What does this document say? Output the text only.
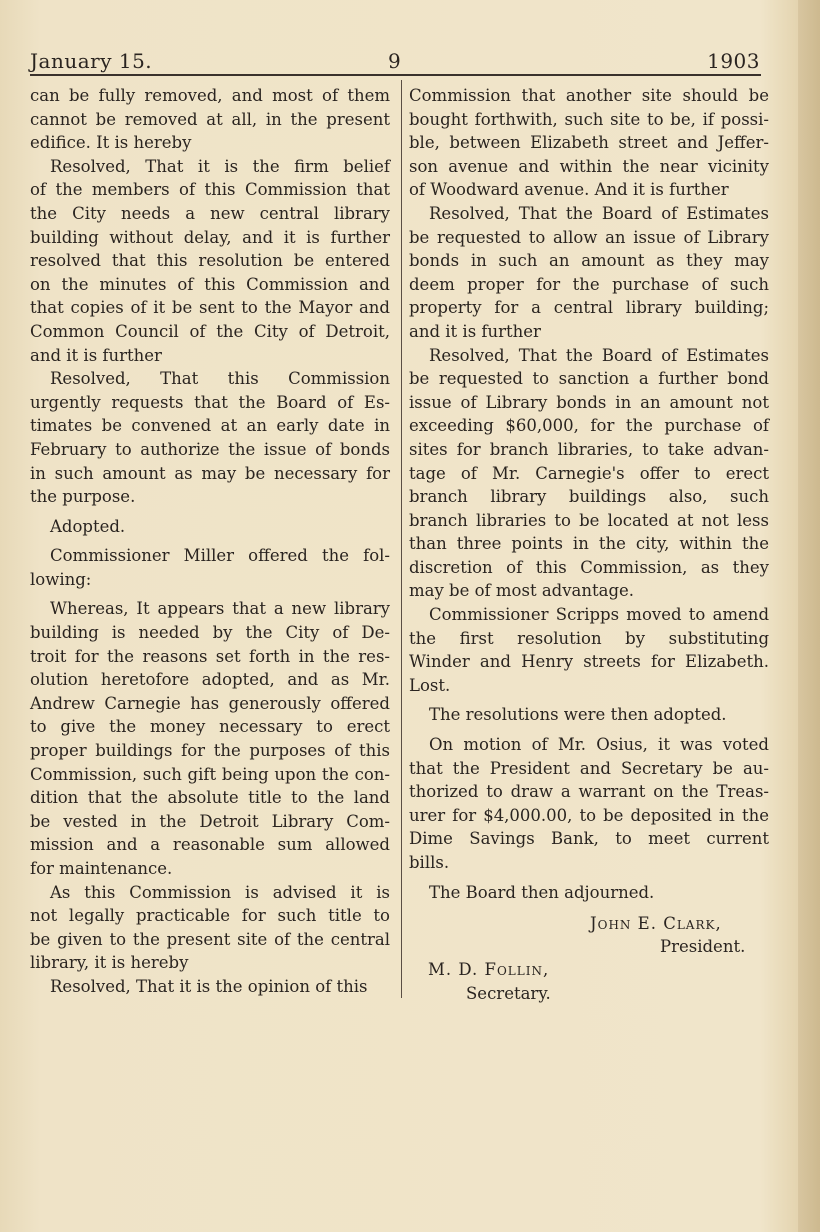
January 15.	9	1903
can be fully removed, and most of them
cannot be removed at all, in the present
edifice. It is hereby
Resolved, That it is the firm belief
of the members of this Commission that
the City needs a new central library
building without delay, and it is further
resolved that this resolution be entered
on the minutes of this Commission and
that copies of it be sent to the Mayor and
Common Council of the City of Detroit,
and it is further
Resolved, That this Commission
urgently requests that the Board of Es-
timates be convened at an early date in
February to authorize the issue of bonds
in such amount as may be necessary for
the purpose.
Adopted.
Commissioner Miller offered the fol-
lowing:
Whereas, It appears that a new library
building is needed by the City of De-
troit for the reasons set forth in the res-
olution heretofore adopted, and as Mr.
Andrew Carnegie has generously offered
to give the money necessary to erect
proper buildings for the purposes of this
Commission, such gift being upon the con-
dition that the absolute title to the land
be vested in the Detroit Library Com-
mission and a reasonable sum allowed
for maintenance.
As this Commission is advised it is
not legally practicable for such title to
be given to the present site of the central
library, it is hereby
Resolved, That it is the opinion of this
Commission that another site should be
bought forthwith, such site to be, if possi-
ble, between Elizabeth street and Jeffer-
son avenue and within the near vicinity
of Woodward avenue. And it is further
Resolved, That the Board of Estimates
be requested to allow an issue of Library
bonds in such an amount as they may
deem proper for the purchase of such
property for a central library building;
and it is further
Resolved, That the Board of Estimates
be requested to sanction a further bond
issue of Library bonds in an amount not
exceeding $60,000, for the purchase of
sites for branch libraries, to take advan-
tage of Mr. Carnegie's offer to erect
branch library buildings also, such
branch libraries to be located at not less
than three points in the city, within the
discretion of this Commission, as they
may be of most advantage.
Commissioner Scripps moved to amend
the first resolution by substituting
Winder and Henry streets for Elizabeth.
Lost.
The resolutions were then adopted.
On motion of Mr. Osius, it was voted
that the President and Secretary be au-
thorized to draw a warrant on the Treas-
urer for $4,000.00, to be deposited in the
Dime Savings Bank, to meet current
bills.
The Board then adjourned.
John E. Clark,
President.
M. D. Follin,
Secretary.
